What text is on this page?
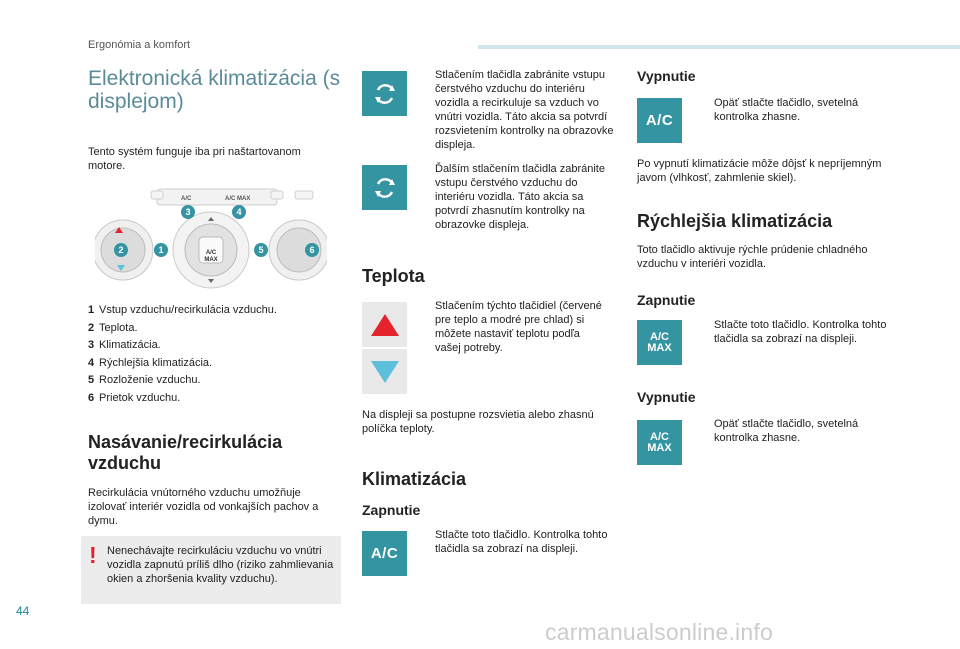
Ergonómia a komfort
Elektronická klimatizácia (s displejom)
Tento systém funguje iba pri naštartovanom motore.
A/C	A/C MAX
A/C
MAX
3	4
2	1	5	6
1 Vstup vzduchu/recirkulácia vzduchu.
2 Teplota.
3 Klimatizácia.
4 Rýchlejšia klimatizácia.
5 Rozloženie vzduchu.
6 Prietok vzduchu.
Nasávanie/recirkulácia vzduchu
Recirkulácia vnútorného vzduchu umožňuje izolovať interiér vozidla od vonkajších pachov a dymu.
! Nenechávajte recirkuláciu vzduchu vo vnútri vozidla zapnutú príliš dlho (riziko zahmlievania okien a zhoršenia kvality vzduchu).
Stlačením tlačidla zabránite vstupu čerstvého vzduchu do interiéru vozidla a recirkuluje sa vzduch vo vnútri vozidla. Táto akcia sa potvrdí rozsvietením kontrolky na obrazovke displeja.
Ďalším stlačením tlačidla zabránite vstupu čerstvého vzduchu do interiéru vozidla. Táto akcia sa potvrdí zhasnutím kontrolky na obrazovke displeja.
Teplota
Stlačením týchto tlačidiel (červené pre teplo a modré pre chlad) si môžete nastaviť teplotu podľa vašej potreby.
Na displeji sa postupne rozsvietia alebo zhasnú políčka teploty.
Klimatizácia
Zapnutie
A/C
Stlačte toto tlačidlo. Kontrolka tohto tlačidla sa zobrazí na displeji.
Vypnutie
A/C
Opäť stlačte tlačidlo, svetelná kontrolka zhasne.
Po vypnutí klimatizácie môže dôjsť k nepríjemným javom (vlhkosť, zahmlenie skiel).
Rýchlejšia klimatizácia
Toto tlačidlo aktivuje rýchle prúdenie chladného vzduchu v interiéri vozidla.
Zapnutie
A/C
MAX
Stlačte toto tlačidlo. Kontrolka tohto tlačidla sa zobrazí na displeji.
Vypnutie
A/C
MAX
Opäť stlačte tlačidlo, svetelná kontrolka zhasne.
44
carmanualsonline.info
